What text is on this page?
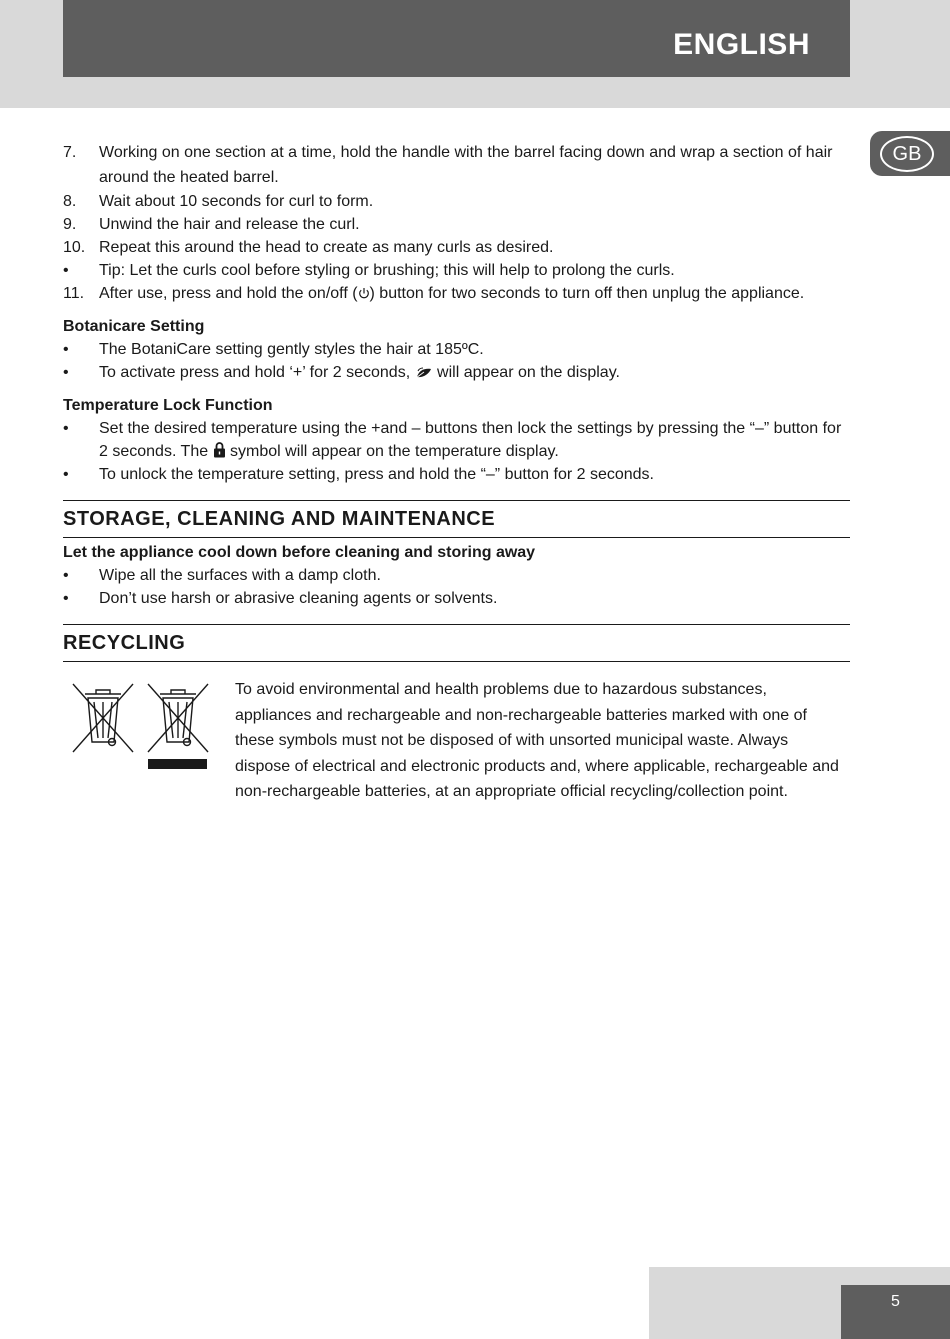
ENGLISH
GB
7. Working on one section at a time, hold the handle with the barrel facing down and wrap a section of hair around the heated barrel.
8. Wait about 10 seconds for curl to form.
9. Unwind the hair and release the curl.
10. Repeat this around the head to create as many curls as desired.
• Tip: Let the curls cool before styling or brushing; this will help to prolong the curls.
11. After use, press and hold the on/off ( ) button for two seconds to turn off then unplug the appliance.
Botanicare Setting
• The BotaniCare setting gently styles the hair at 185ºC.
• To activate press and hold ‘+’ for 2 seconds,  will appear on the display.
Temperature Lock Function
• Set the desired temperature using the +and – buttons then lock the settings by pressing the “–” button for 2 seconds. The  symbol will appear on the temperature display.
• To unlock the temperature setting, press and hold the “–” button for 2 seconds.
STORAGE, CLEANING AND MAINTENANCE
Let the appliance cool down before cleaning and storing away
• Wipe all the surfaces with a damp cloth.
• Don’t use harsh or abrasive cleaning agents or solvents.
RECYCLING
To avoid environmental and health problems due to hazardous substances, appliances and rechargeable and non-rechargeable batteries marked with one of these symbols must not be disposed of with unsorted municipal waste. Always dispose of electrical and electronic products and, where applicable, rechargeable and non-rechargeable batteries, at an appropriate official recycling/collection point.
5
